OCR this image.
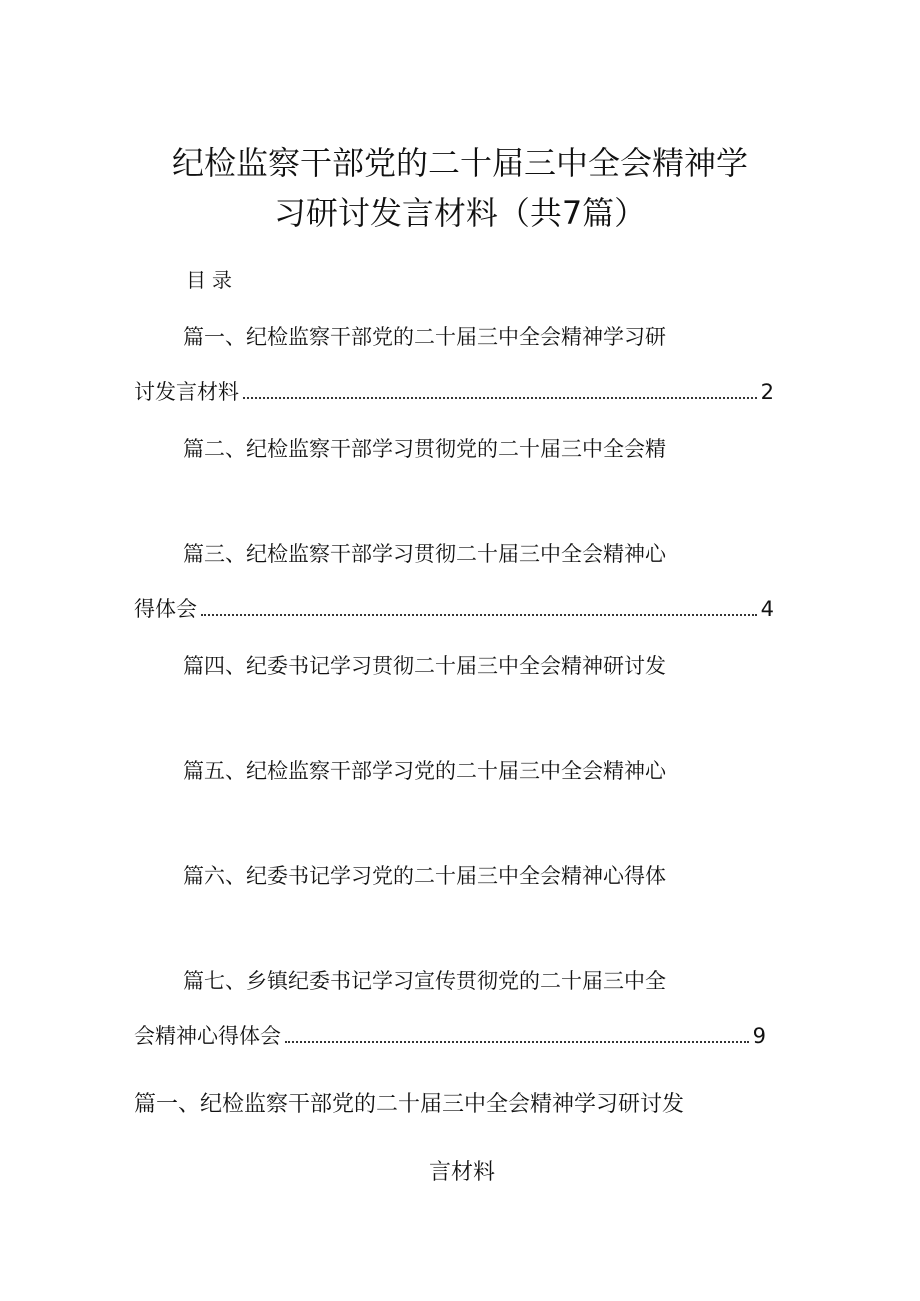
纪检监察干部党的二十届三中全会精神学
习研讨发言材料（共7篇）
目录
篇一、纪检监察干部党的二十届三中全会精神学习研
讨发言材料	2
篇二、纪检监察干部学习贯彻党的二十届三中全会精
篇三、纪检监察干部学习贯彻二十届三中全会精神心
得体会	4
篇四、纪委书记学习贯彻二十届三中全会精神研讨发
篇五、纪检监察干部学习党的二十届三中全会精神心
篇六、纪委书记学习党的二十届三中全会精神心得体
篇七、乡镇纪委书记学习宣传贯彻党的二十届三中全
会精神心得体会	9
篇一、纪检监察干部党的二十届三中全会精神学习研讨发
言材料
